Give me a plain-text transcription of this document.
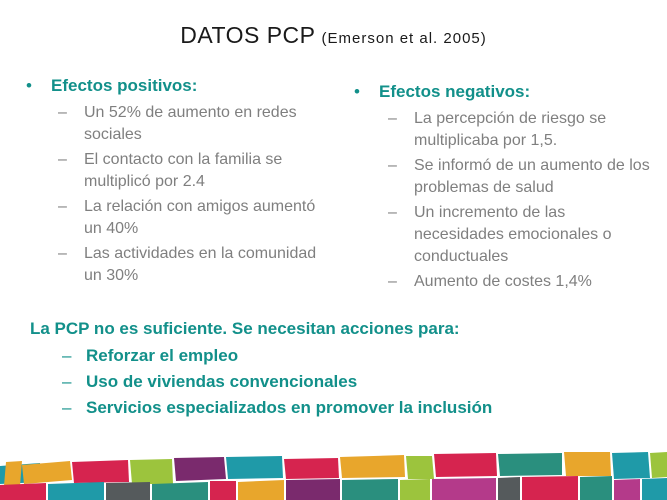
DATOS PCP (Emerson et al. 2005)
•	Efectos positivos:
–	Un 52% de aumento en redes sociales
–	El contacto con la familia se multiplicó por 2.4
–	La relación con amigos aumentó un 40%
–	Las actividades en la comunidad un 30%
•	Efectos negativos:
–	La percepción de riesgo se multiplicaba por 1,5.
–	Se informó de un aumento de los problemas de salud
–	Un incremento de las necesidades emocionales o conductuales
–	Aumento de costes 1,4%
La PCP no es suficiente. Se necesitan acciones para:
– Reforzar el empleo
– Uso de viviendas convencionales
– Servicios especializados en promover la inclusión
